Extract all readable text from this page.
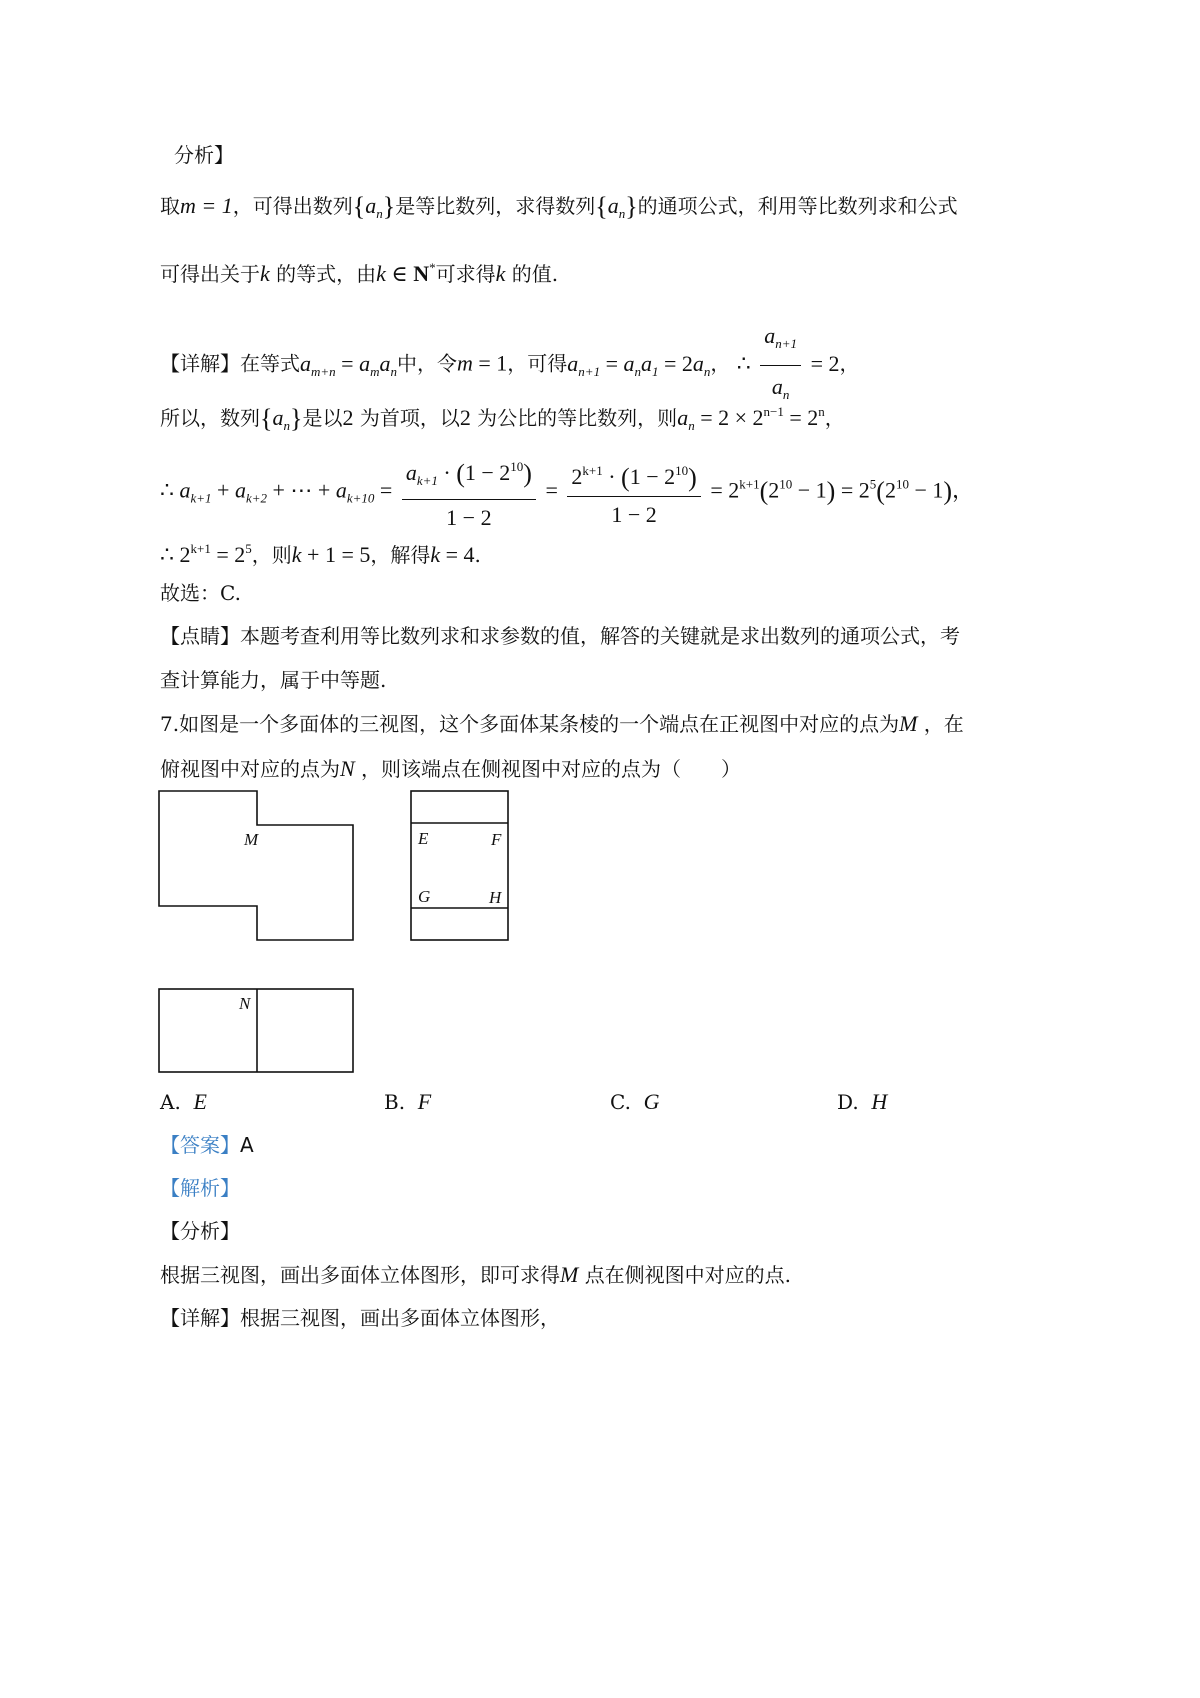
分析】
取m = 1，可得出数列$\{a_n\}$是等比数列，求得数列$\{a_n\}$的通项公式，利用等比数列求和公式
可得出关于k 的等式，由k ∈ N*可求得k 的值.
【详解】在等式$a_{m+n} = a_ma_n$中，令m = 1，可得$a_{n+1} = a_na_1 = 2a_n$， ∴ $\frac{a_{n+1}}{a_n} = 2$，
所以，数列$\{a_n\}$是以2 为首项，以2 为公比的等比数列，则$a_n = 2 \times 2^{n-1} = 2^n$，
∴ $a_{k+1} + a_{k+2}$ + ⋯ + $a_{k+10} = \frac{a_{k+1} \cdot (1 - 2^{10})}{1 - 2} = \frac{2^{k+1} \cdot (1 - 2^{10})}{1 - 2} = 2^{k+1}(2^{10} - 1) = 2^5(2^{10} - 1)$，
∴ $2^{k+1} = 2^5$，则k + 1 = 5，解得k = 4.
故选：C.
【点睛】本题考查利用等比数列求和求参数的值，解答的关键就是求出数列的通项公式，考
查计算能力，属于中等题.
7.如图是一个多面体的三视图，这个多面体某条棱的一个端点在正视图中对应的点为M ，在
俯视图中对应的点为N ，则该端点在侧视图中对应的点为（　　）
M	E	F
G	H
N
A. E	B. F	C. G	D. H
【答案】A
【解析】
【分析】
根据三视图，画出多面体立体图形，即可求得M 点在侧视图中对应的点.
【详解】根据三视图，画出多面体立体图形，
